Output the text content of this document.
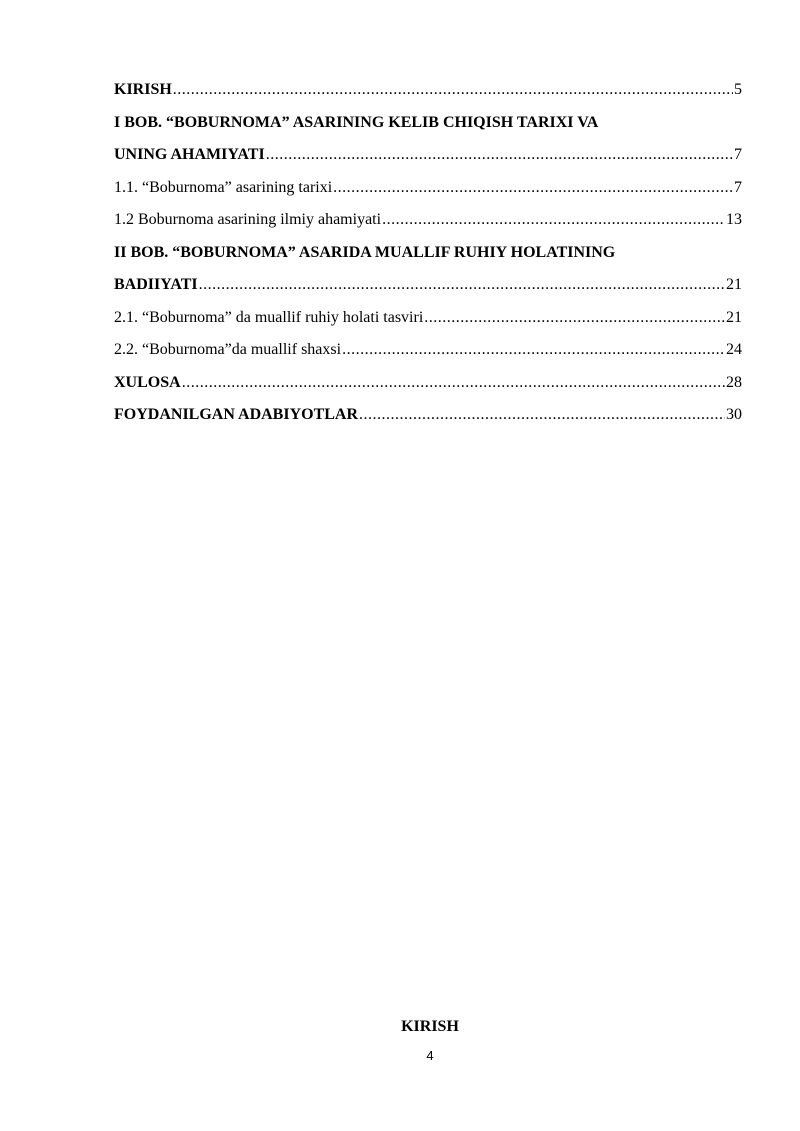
KIRISH .....	5
I BOB. “BOBURNOMA” ASARINING KELIB CHIQISH TARIXI VA
UNING AHAMIYATI .....	7
1.1. “Boburnoma” asarining tarixi .....	7
1.2 Boburnoma asarining ilmiy ahamiyati .....	13
II BOB. “BOBURNOMA” ASARIDA MUALLIF RUHIY HOLATINING
BADIIYATI .....	21
2.1. “Boburnoma” da muallif ruhiy holati tasviri .....	21
2.2. “Boburnoma”da muallif shaxsi .....	24
XULOSA .....	28
FOYDANILGAN ADABIYOTLAR .....	30
KIRISH
4
